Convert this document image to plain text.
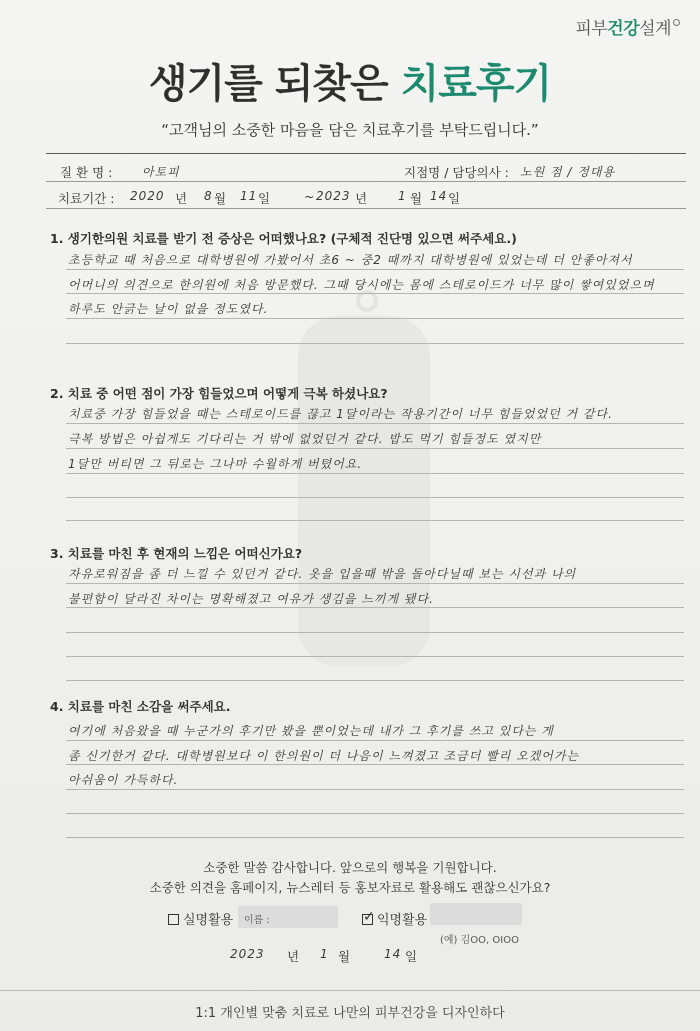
피부건강설계
생기를 되찾은 치료후기
“고객님의 소중한 마음을 담은 치료후기를 부탁드립니다.”
질 환 명 : 아토피	지점명 / 담당의사 : 노원 점 / 정대용
치료기간 : 2020 년 8 월 11 일	~ 2023 년	1 월 14 일
1. 생기한의원 치료를 받기 전 증상은 어떠했나요? (구체적 진단명 있으면 써주세요.)
초등학교 때 처음으로 대학병원에 가봤어서 초6 ~ 중2 때까지 대학병원에 있었는데 더 안좋아져서
어머니의 의견으로 한의원에 처음 방문했다. 그때 당시에는 몸에 스테로이드가 너무 많이 쌓여있었으며
하루도 안긁는 날이 없을 정도였다.
2. 치료 중 어떤 점이 가장 힘들었으며 어떻게 극복 하셨나요?
치료중 가장 힘들었을 때는 스테로이드를 끊고 1달이라는 작용기간이 너무 힘들었었던 거 같다.
극복 방법은 아쉽게도 기다리는 거 밖에 없었던거 같다. 밥도 먹기 힘들정도 였지만
1달만 버티면 그 뒤로는 그나마 수월하게 버텼어요.
3. 치료를 마친 후 현재의 느낌은 어떠신가요?
자유로워짐을 좀 더 느낄 수 있던거 같다. 옷을 입을때 밖을 돌아다닐때 보는 시선과 나의
불편함이 달라진 차이는 명확해졌고 여유가 생김을 느끼게 됐다.
4. 치료를 마친 소감을 써주세요.
여기에 처음왔을 때 누군가의 후기만 봤을 뿐이었는데 내가 그 후기를 쓰고 있다는 게
좀 신기한거 같다. 대학병원보다 이 한의원이 더 나음이 느껴졌고 조금더 빨리 오겠어가는
아쉬움이 가득하다.
소중한 말씀 감사합니다. 앞으로의 행복을 기원합니다.
소중한 의견을 홈페이지, 뉴스레터 등 홍보자료로 활용해도 괜찮으신가요?
실명활용 이름 :	✓ 익명활용
(예) 김OO, OIOO
2023 년 1 월	14 일
1:1 개인별 맞춤 치료로 나만의 피부건강을 디자인하다
